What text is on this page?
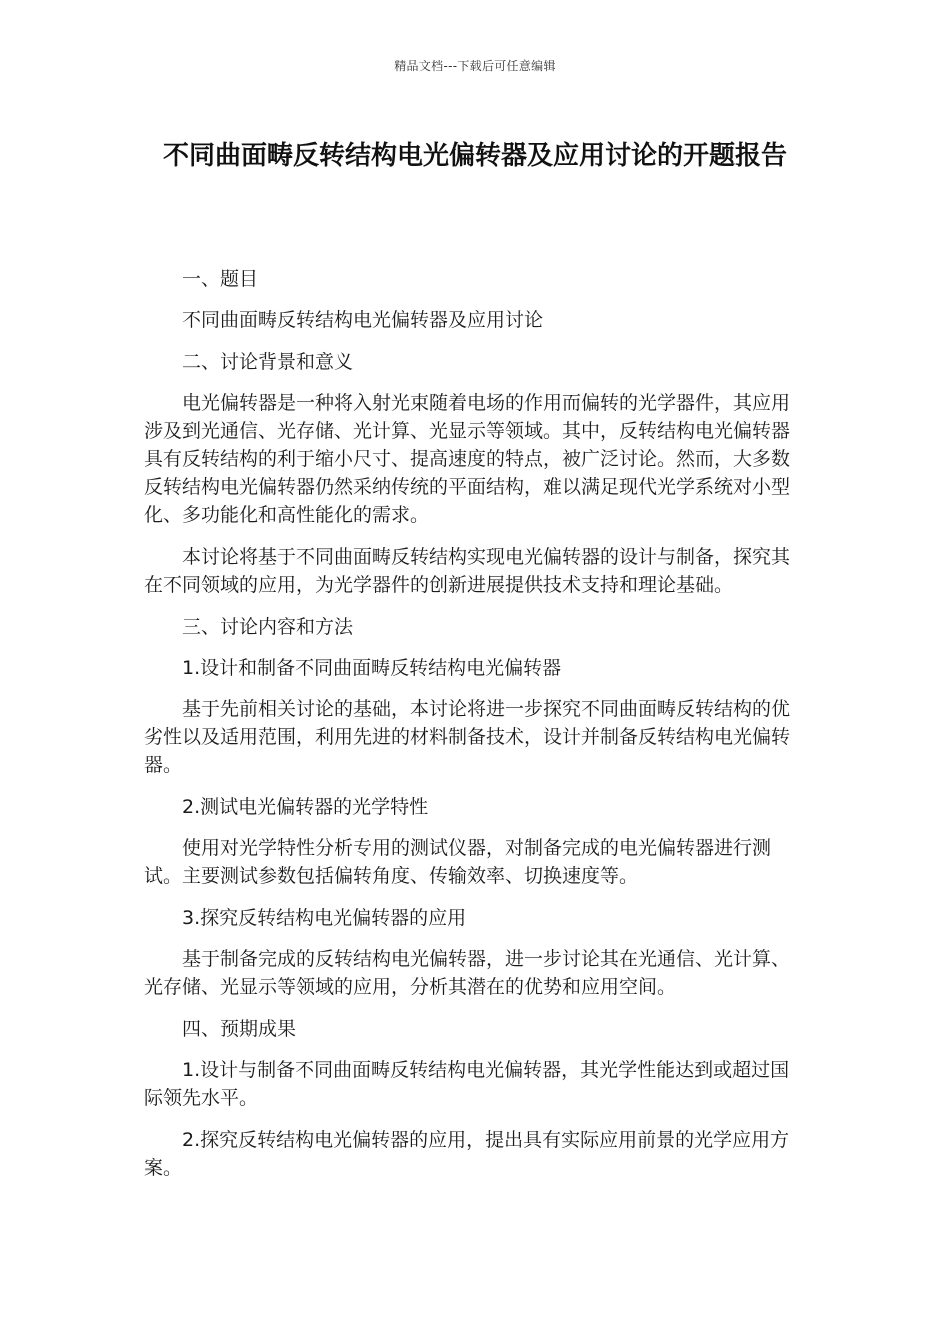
精品文档---下载后可任意编辑
不同曲面畴反转结构电光偏转器及应用讨论的开题报告

一、题目

不同曲面畴反转结构电光偏转器及应用讨论

二、讨论背景和意义

电光偏转器是一种将入射光束随着电场的作用而偏转的光学器件，其应用涉及到光通信、光存储、光计算、光显示等领域。其中，反转结构电光偏转器具有反转结构的利于缩小尺寸、提高速度的特点，被广泛讨论。然而，大多数反转结构电光偏转器仍然采纳传统的平面结构，难以满足现代光学系统对小型化、多功能化和高性能化的需求。

本讨论将基于不同曲面畴反转结构实现电光偏转器的设计与制备，探究其在不同领域的应用，为光学器件的创新进展提供技术支持和理论基础。

三、讨论内容和方法

1.设计和制备不同曲面畴反转结构电光偏转器

基于先前相关讨论的基础，本讨论将进一步探究不同曲面畴反转结构的优劣性以及适用范围，利用先进的材料制备技术，设计并制备反转结构电光偏转器。

2.测试电光偏转器的光学特性

使用对光学特性分析专用的测试仪器，对制备完成的电光偏转器进行测试。主要测试参数包括偏转角度、传输效率、切换速度等。

3.探究反转结构电光偏转器的应用

基于制备完成的反转结构电光偏转器，进一步讨论其在光通信、光计算、光存储、光显示等领域的应用，分析其潜在的优势和应用空间。

四、预期成果

1.设计与制备不同曲面畴反转结构电光偏转器，其光学性能达到或超过国际领先水平。

2.探究反转结构电光偏转器的应用，提出具有实际应用前景的光学应用方案。
